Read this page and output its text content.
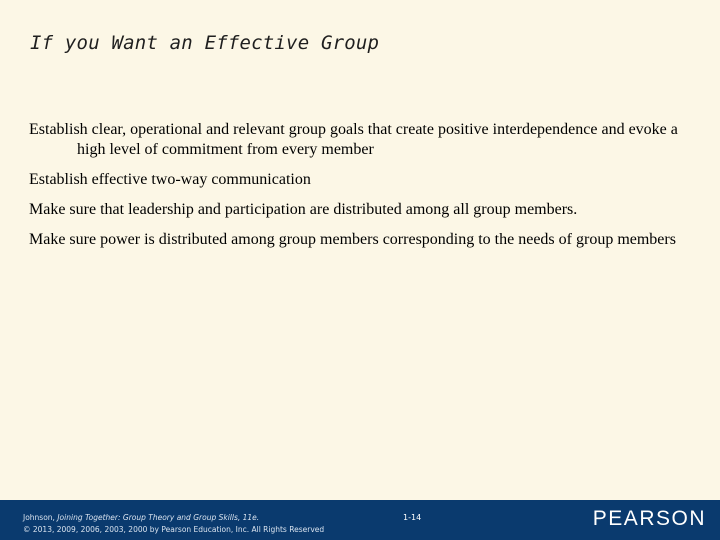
If you Want an Effective Group
Establish clear, operational and relevant group goals that create positive interdependence and evoke a high level of commitment from every member
Establish effective two-way communication
Make sure that leadership and participation are distributed among all group members.
Make sure power is distributed among group members corresponding to the needs of group members
Johnson, Joining Together: Group Theory and Group Skills, 11e.
© 2013, 2009, 2006, 2003, 2000 by Pearson Education, Inc. All Rights Reserved
1-14	PEARSON
